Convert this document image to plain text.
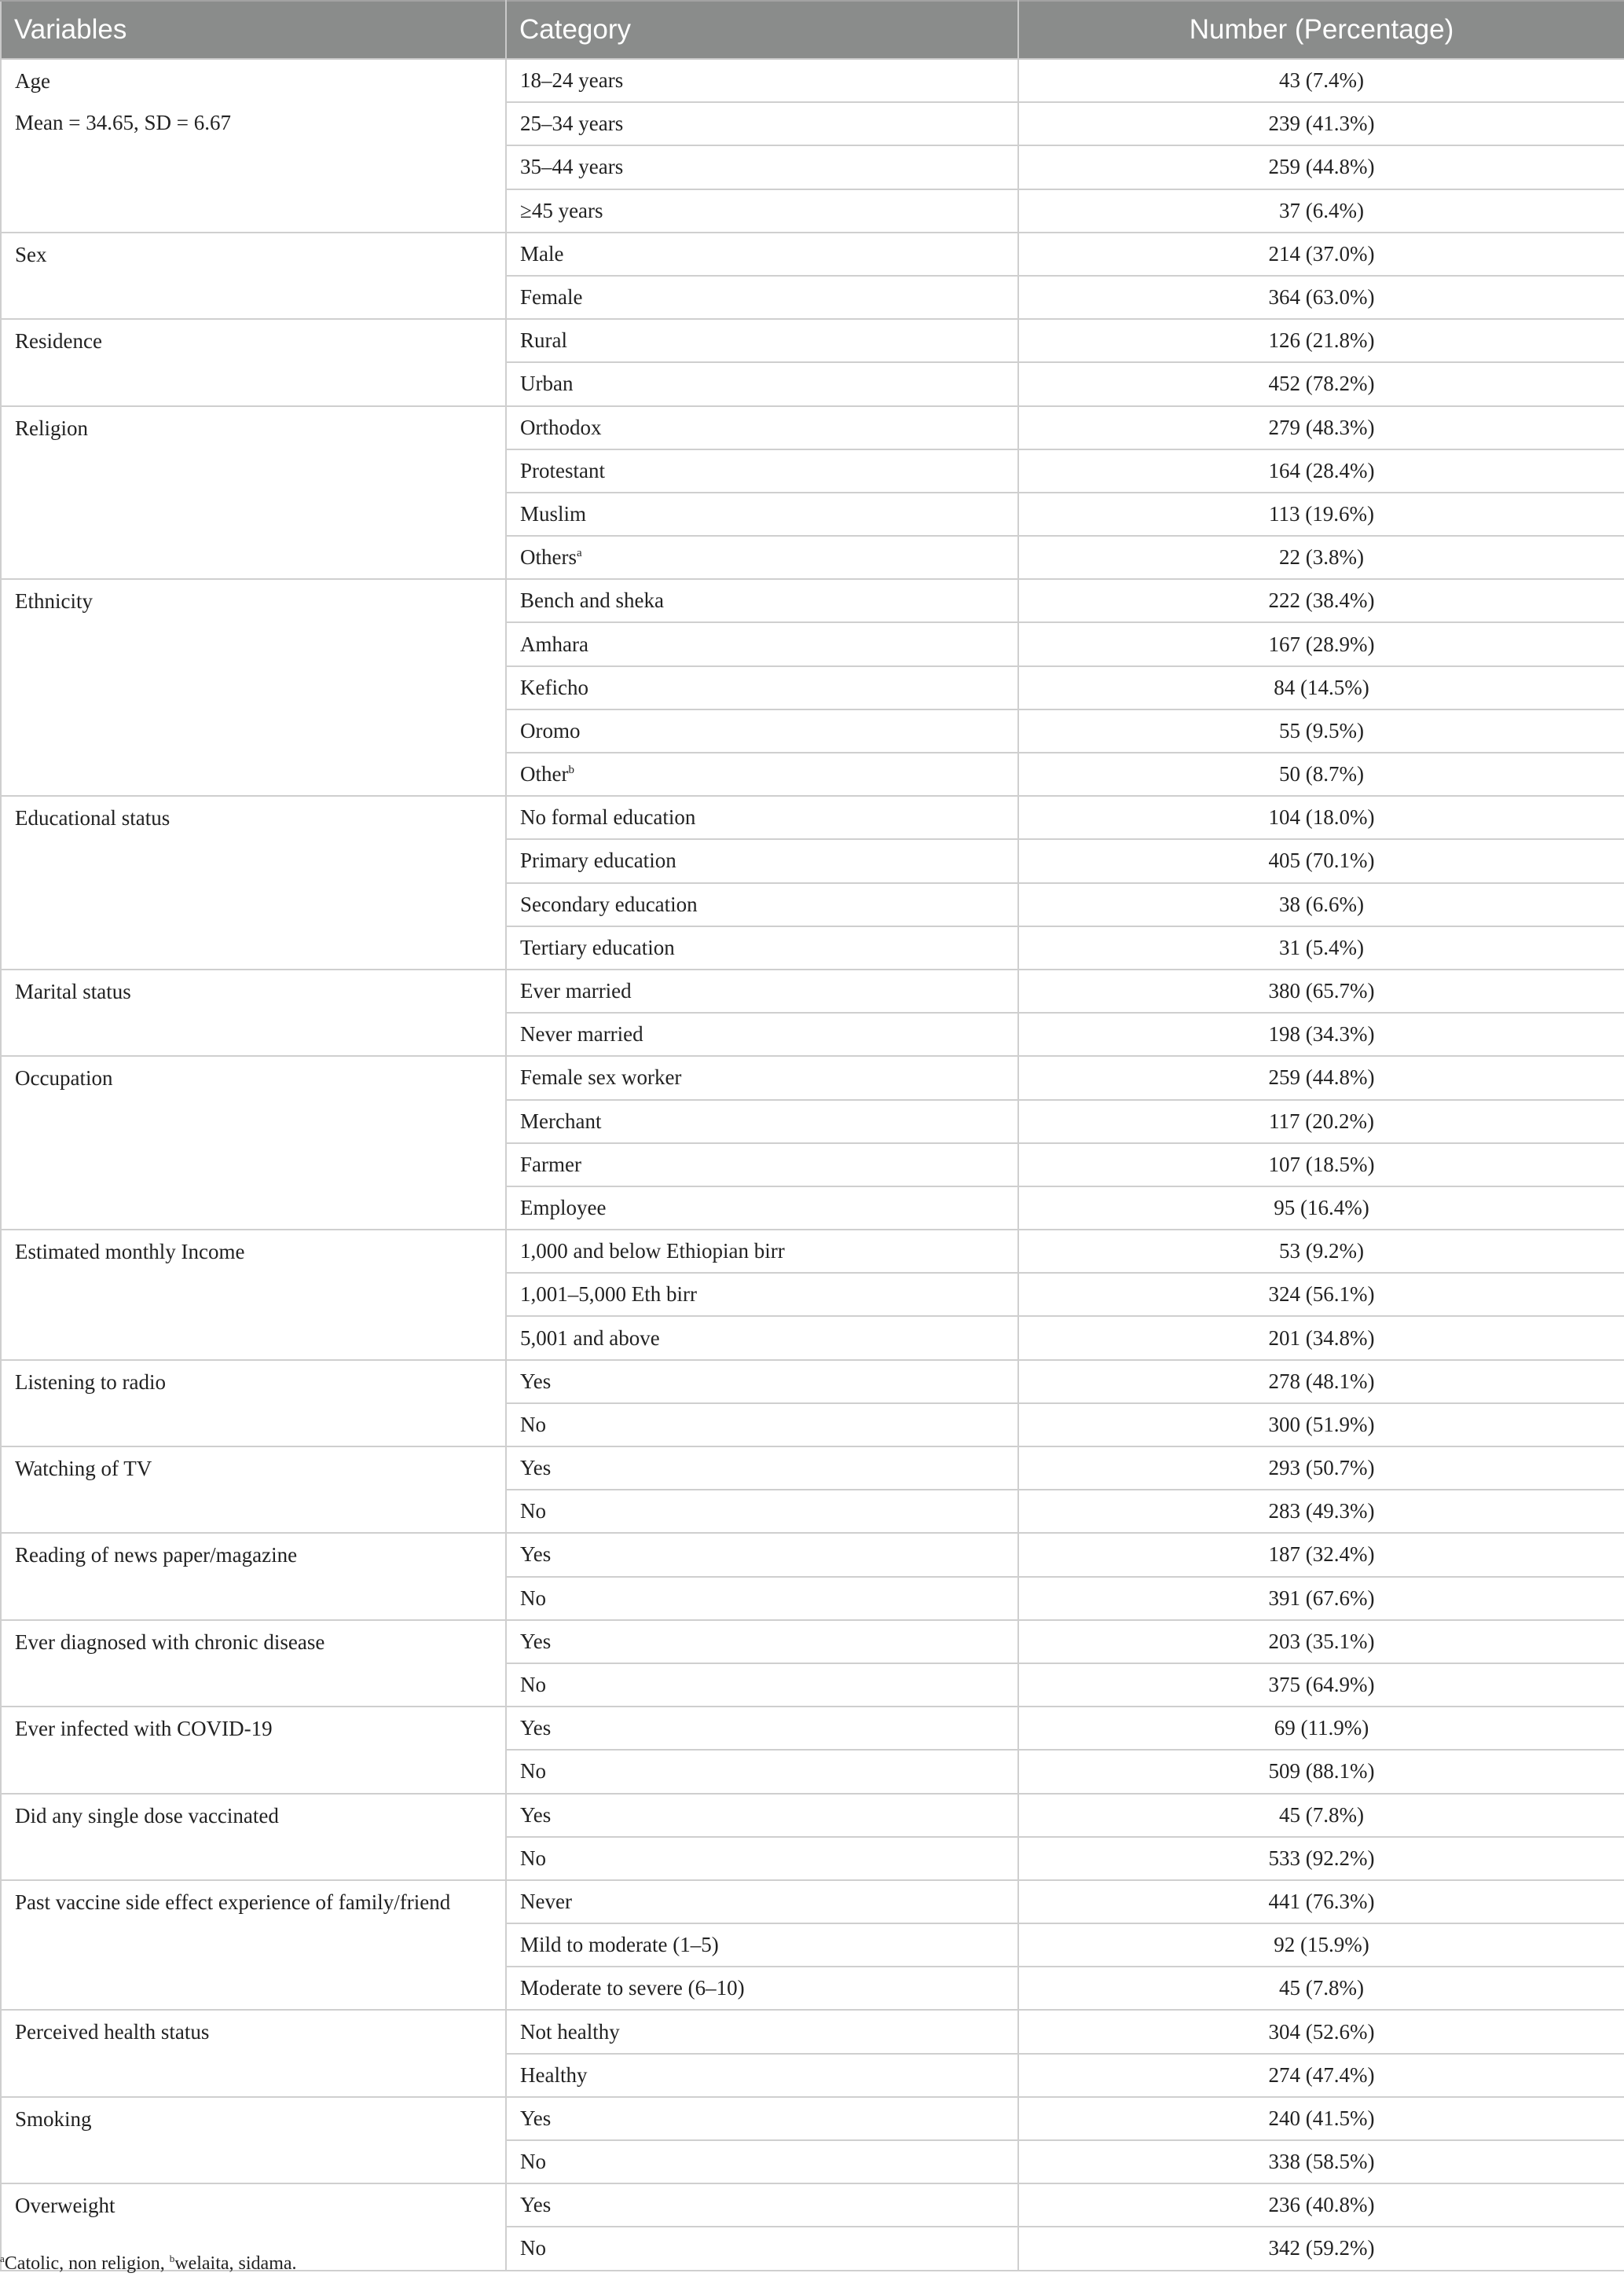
Variables	Category	Number (Percentage)

Age
Mean = 34.65, SD = 6.67	18–24 years	43 (7.4%)
	25–34 years	239 (41.3%)
	35–44 years	259 (44.8%)
	≥45 years	37 (6.4%)

Sex	Male	214 (37.0%)
	Female	364 (63.0%)

Residence	Rural	126 (21.8%)
	Urban	452 (78.2%)

Religion	Orthodox	279 (48.3%)
	Protestant	164 (28.4%)
	Muslim	113 (19.6%)
	Others$^a$	22 (3.8%)

Ethnicity	Bench and sheka	222 (38.4%)
	Amhara	167 (28.9%)
	Keficho	84 (14.5%)
	Oromo	55 (9.5%)
	Other$^b$	50 (8.7%)

Educational status	No formal education	104 (18.0%)
	Primary education	405 (70.1%)
	Secondary education	38 (6.6%)
	Tertiary education	31 (5.4%)

Marital status	Ever married	380 (65.7%)
	Never married	198 (34.3%)

Occupation	Female sex worker	259 (44.8%)
	Merchant	117 (20.2%)
	Farmer	107 (18.5%)
	Employee	95 (16.4%)

Estimated monthly Income	1,000 and below Ethiopian birr	53 (9.2%)
	1,001–5,000 Eth birr	324 (56.1%)
	5,001 and above	201 (34.8%)

Listening to radio	Yes	278 (48.1%)
	No	300 (51.9%)

Watching of TV	Yes	293 (50.7%)
	No	283 (49.3%)

Reading of news paper/magazine	Yes	187 (32.4%)
	No	391 (67.6%)

Ever diagnosed with chronic disease	Yes	203 (35.1%)
	No	375 (64.9%)

Ever infected with COVID-19	Yes	69 (11.9%)
	No	509 (88.1%)

Did any single dose vaccinated	Yes	45 (7.8%)
	No	533 (92.2%)

Past vaccine side effect experience of family/friend	Never	441 (76.3%)
	Mild to moderate (1–5)	92 (15.9%)
	Moderate to severe (6–10)	45 (7.8%)

Perceived health status	Not healthy	304 (52.6%)
	Healthy	274 (47.4%)

Smoking	Yes	240 (41.5%)
	No	338 (58.5%)

Overweight	Yes	236 (40.8%)
	No	342 (59.2%)
$^a$Catolic, non religion, $^b$welaita, sidama.
